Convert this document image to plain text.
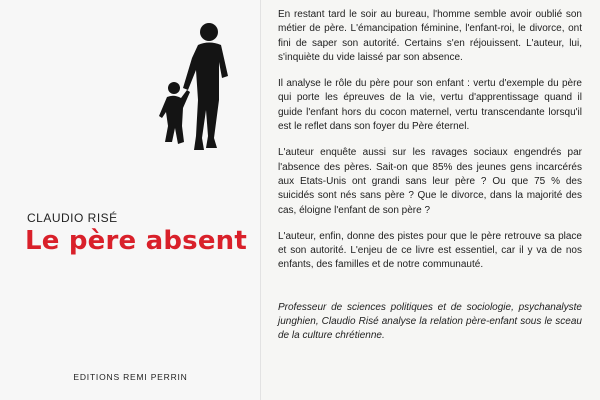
CLAUDIO RISÉ

Le père absent

EDITIONS REMI PERRIN

En restant tard le soir au bureau, l'homme semble avoir oublié son métier de père. L'émancipation féminine, l'enfant-roi, le divorce, ont fini de saper son autorité. Certains s'en réjouissent. L'auteur, lui, s'inquiète du vide laissé par son absence.

Il analyse le rôle du père pour son enfant : vertu d'exemple du père qui porte les épreuves de la vie, vertu d'apprentissage quand il guide l'enfant hors du cocon maternel, vertu transcendante lorsqu'il est le reflet dans son foyer du Père éternel.

L'auteur enquête aussi sur les ravages sociaux engendrés par l'absence des pères. Sait-on que 85% des jeunes gens incarcérés aux Etats-Unis ont grandi sans leur père ? Ou que 75 % des suicidés sont nés sans père ? Que le divorce, dans la majorité des cas, éloigne l'enfant de son père ?

L'auteur, enfin, donne des pistes pour que le père retrouve sa place et son autorité. L'enjeu de ce livre est essentiel, car il y va de nos enfants, des familles et de notre communauté.

Professeur de sciences politiques et de sociologie, psychanalyste junghien, Claudio Risé analyse la relation père-enfant sous le sceau de la culture chrétienne.
